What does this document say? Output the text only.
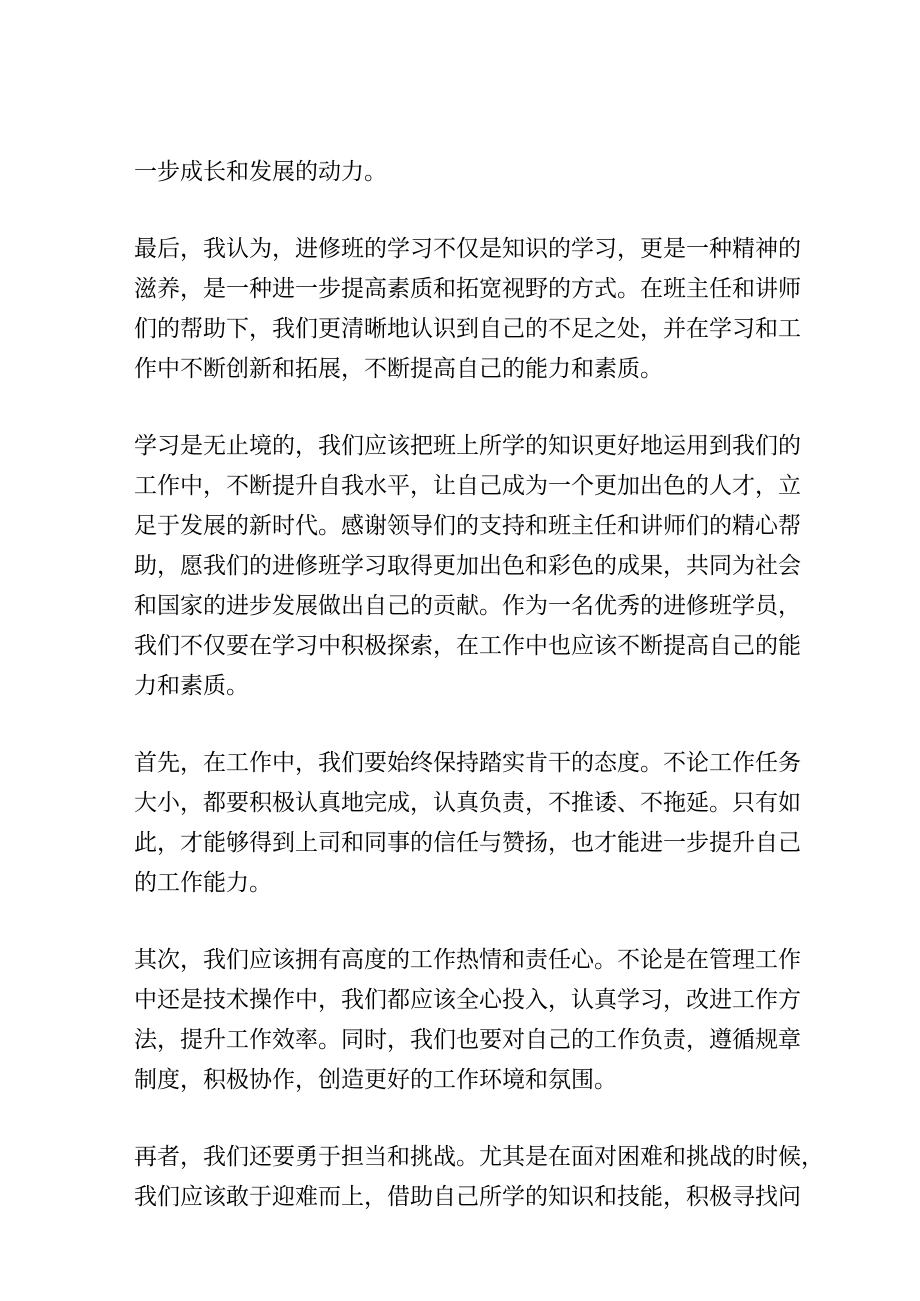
一步成长和发展的动力。

最后，我认为，进修班的学习不仅是知识的学习，更是一种精神的
滋养，是一种进一步提高素质和拓宽视野的方式。在班主任和讲师
们的帮助下，我们更清晰地认识到自己的不足之处，并在学习和工
作中不断创新和拓展，不断提高自己的能力和素质。

学习是无止境的，我们应该把班上所学的知识更好地运用到我们的
工作中，不断提升自我水平，让自己成为一个更加出色的人才，立
足于发展的新时代。感谢领导们的支持和班主任和讲师们的精心帮
助，愿我们的进修班学习取得更加出色和彩色的成果，共同为社会
和国家的进步发展做出自己的贡献。作为一名优秀的进修班学员，
我们不仅要在学习中积极探索，在工作中也应该不断提高自己的能
力和素质。

首先，在工作中，我们要始终保持踏实肯干的态度。不论工作任务
大小，都要积极认真地完成，认真负责，不推诿、不拖延。只有如
此，才能够得到上司和同事的信任与赞扬，也才能进一步提升自己
的工作能力。

其次，我们应该拥有高度的工作热情和责任心。不论是在管理工作
中还是技术操作中，我们都应该全心投入，认真学习，改进工作方
法，提升工作效率。同时，我们也要对自己的工作负责，遵循规章
制度，积极协作，创造更好的工作环境和氛围。

再者，我们还要勇于担当和挑战。尤其是在面对困难和挑战的时候，
我们应该敢于迎难而上，借助自己所学的知识和技能，积极寻找问
